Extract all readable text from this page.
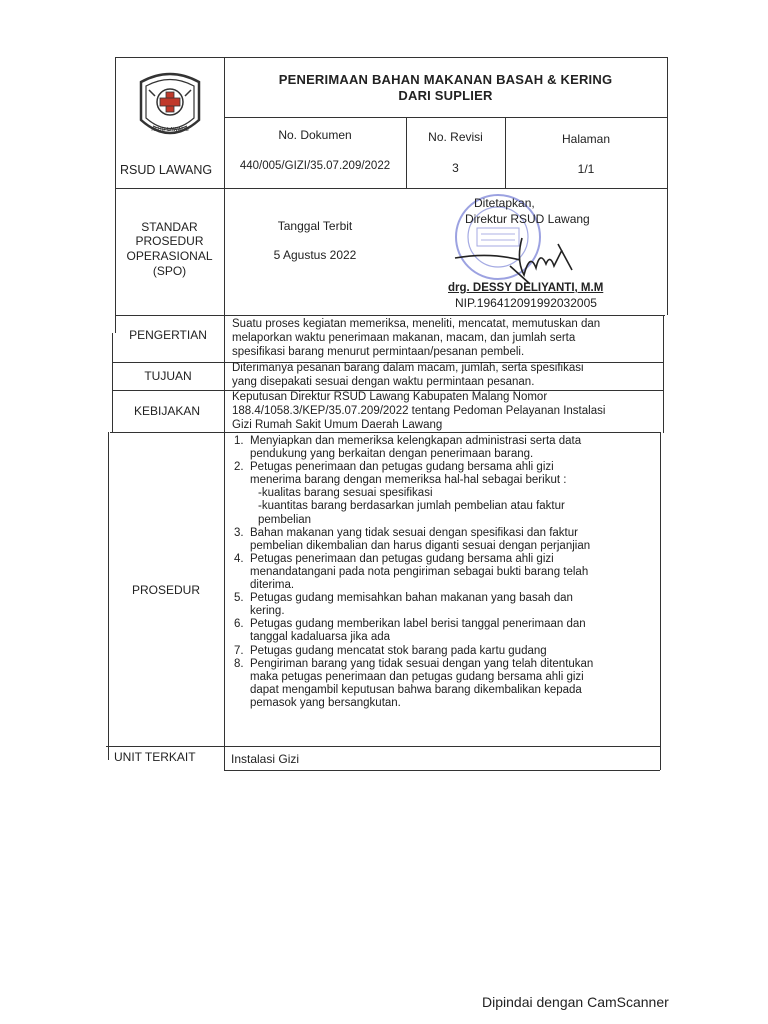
RSUD LAWANG
PENERIMAAN BAHAN MAKANAN BASAH & KERING
DARI SUPLIER
RSUD LAWANG
No. Dokumen
440/005/GIZI/35.07.209/2022
No. Revisi
3
Halaman
1/1
STANDAR
PROSEDUR
OPERASIONAL
(SPO)
Tanggal Terbit
5 Agustus 2022
Ditetapkan,
Direktur RSUD Lawang
drg. DESSY DELIYANTI, M.M
NIP.196412091992032005
PENGERTIAN
Suatu proses kegiatan memeriksa, meneliti, mencatat, memutuskan dan
melaporkan waktu penerimaan makanan, macam, dan jumlah serta
spesifikasi barang menurut permintaan/pesanan pembeli.
TUJUAN
Diterimanya pesanan barang dalam macam, jumlah, serta spesifikasi
yang disepakati sesuai dengan waktu permintaan pesanan.
KEBIJAKAN
Keputusan Direktur RSUD Lawang Kabupaten Malang Nomor
188.4/1058.3/KEP/35.07.209/2022 tentang Pedoman Pelayanan Instalasi
Gizi Rumah Sakit Umum Daerah Lawang
PROSEDUR
1. Menyiapkan dan memeriksa kelengkapan administrasi serta data
pendukung yang berkaitan dengan penerimaan barang.
2. Petugas penerimaan dan petugas gudang bersama ahli gizi
menerima barang dengan memeriksa hal-hal sebagai berikut :
-kualitas barang sesuai spesifikasi
-kuantitas barang berdasarkan jumlah pembelian atau faktur
pembelian
3. Bahan makanan yang tidak sesuai dengan spesifikasi dan faktur
pembelian dikembalian dan harus diganti sesuai dengan perjanjian
4. Petugas penerimaan dan petugas gudang bersama ahli gizi
menandatangani pada nota pengiriman sebagai bukti barang telah
diterima.
5. Petugas gudang memisahkan bahan makanan yang basah dan
kering.
6. Petugas gudang memberikan label berisi tanggal penerimaan dan
tanggal kadaluarsa jika ada
7. Petugas gudang mencatat stok barang pada kartu gudang
8. Pengiriman barang yang tidak sesuai dengan yang telah ditentukan
maka petugas penerimaan dan petugas gudang bersama ahli gizi
dapat mengambil keputusan bahwa barang dikembalikan kepada
pemasok yang bersangkutan.
UNIT TERKAIT	Instalasi Gizi
Dipindai dengan CamScanner
